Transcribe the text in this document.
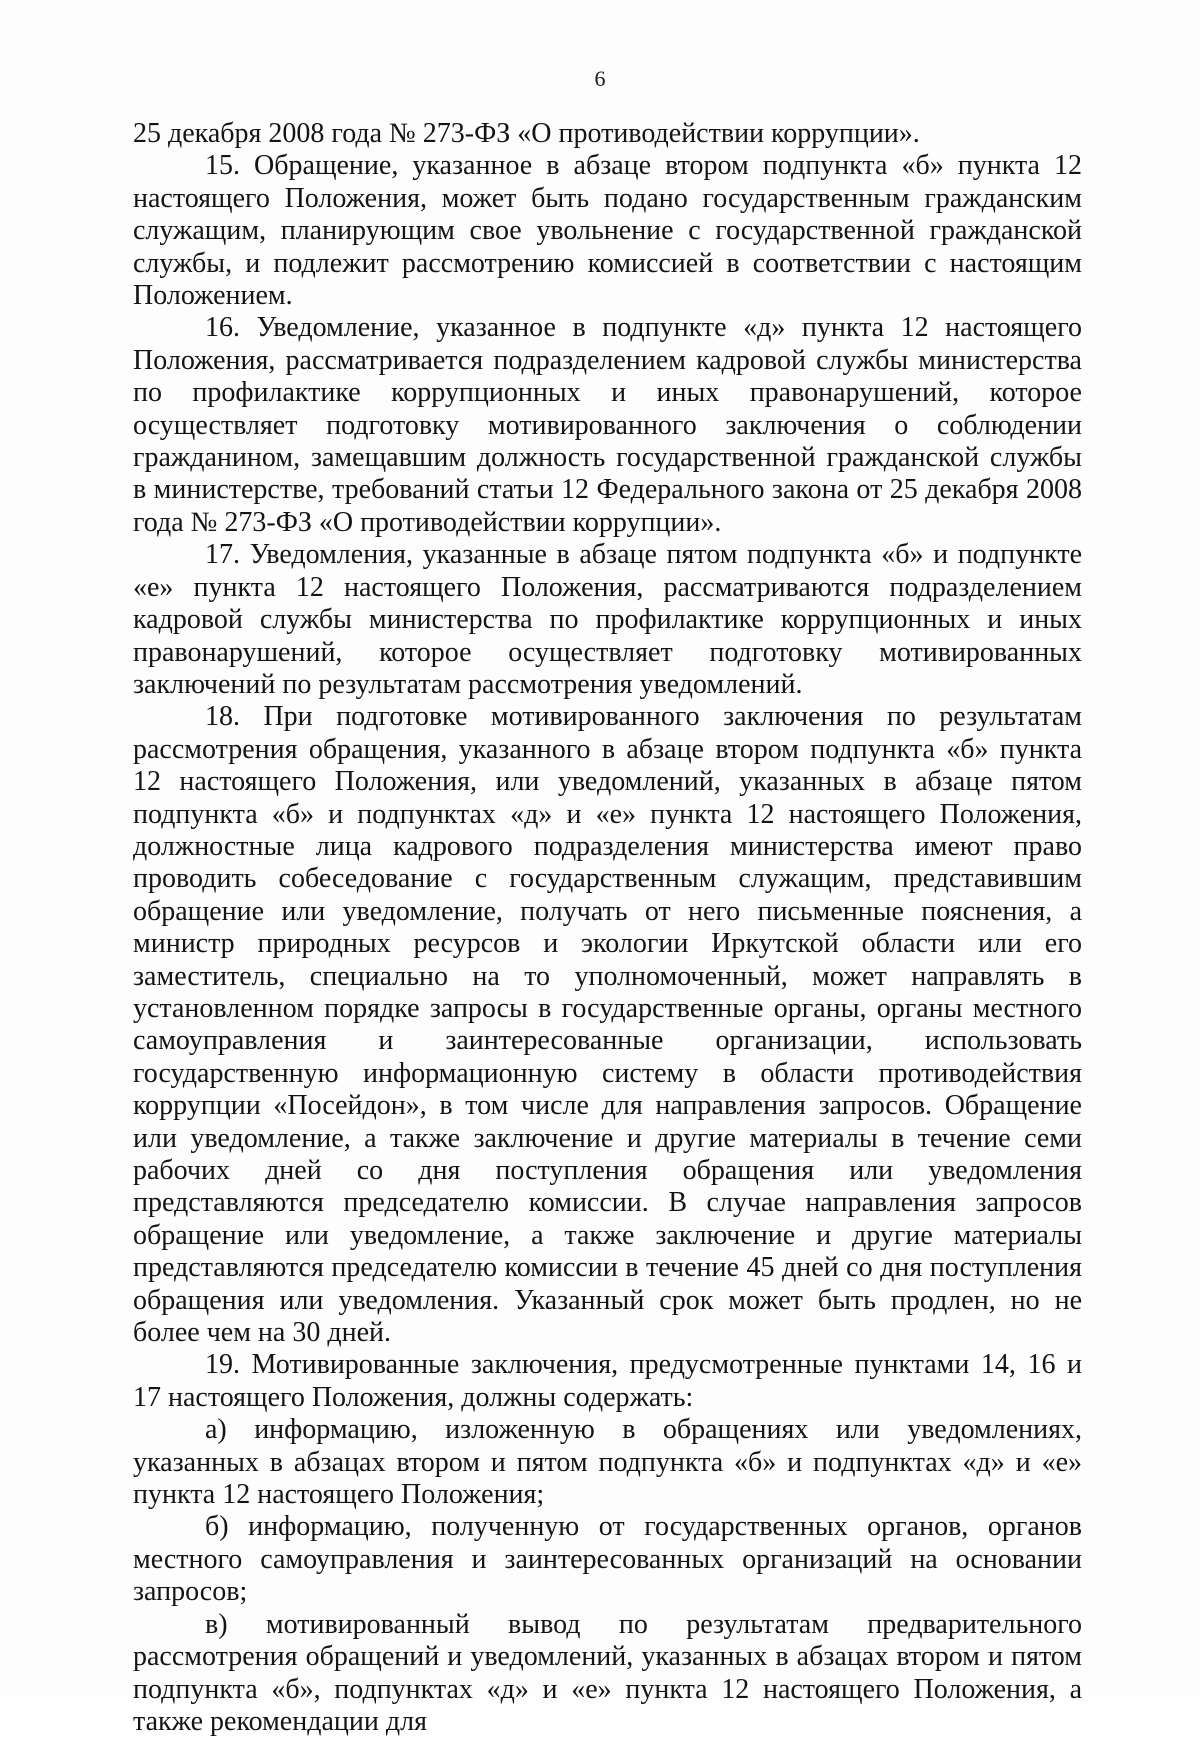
6

25 декабря 2008 года № 273-ФЗ «О противодействии коррупции».

15. Обращение, указанное в абзаце втором подпункта «б» пункта 12 настоящего Положения, может быть подано государственным гражданским служащим, планирующим свое увольнение с государственной гражданской службы, и подлежит рассмотрению комиссией в соответствии с настоящим Положением.

16. Уведомление, указанное в подпункте «д» пункта 12 настоящего Положения, рассматривается подразделением кадровой службы министерства по профилактике коррупционных и иных правонарушений, которое осуществляет подготовку мотивированного заключения о соблюдении гражданином, замещавшим должность государственной гражданской службы в министерстве, требований статьи 12 Федерального закона от 25 декабря 2008 года № 273-ФЗ «О противодействии коррупции».

17. Уведомления, указанные в абзаце пятом подпункта «б» и подпункте «е» пункта 12 настоящего Положения, рассматриваются подразделением кадровой службы министерства по профилактике коррупционных и иных правонарушений, которое осуществляет подготовку мотивированных заключений по результатам рассмотрения уведомлений.

18. При подготовке мотивированного заключения по результатам рассмотрения обращения, указанного в абзаце втором подпункта «б» пункта 12 настоящего Положения, или уведомлений, указанных в абзаце пятом подпункта «б» и подпунктах «д» и «е» пункта 12 настоящего Положения, должностные лица кадрового подразделения министерства имеют право проводить собеседование с государственным служащим, представившим обращение или уведомление, получать от него письменные пояснения, а министр природных ресурсов и экологии Иркутской области или его заместитель, специально на то уполномоченный, может направлять в установленном порядке запросы в государственные органы, органы местного самоуправления и заинтересованные организации, использовать государственную информационную систему в области противодействия коррупции «Посейдон», в том числе для направления запросов. Обращение или уведомление, а также заключение и другие материалы в течение семи рабочих дней со дня поступления обращения или уведомления представляются председателю комиссии. В случае направления запросов обращение или уведомление, а также заключение и другие материалы представляются председателю комиссии в течение 45 дней со дня поступления обращения или уведомления. Указанный срок может быть продлен, но не более чем на 30 дней.

19. Мотивированные заключения, предусмотренные пунктами 14, 16 и 17 настоящего Положения, должны содержать:

а) информацию, изложенную в обращениях или уведомлениях, указанных в абзацах втором и пятом подпункта «б» и подпунктах «д» и «е» пункта 12 настоящего Положения;

б) информацию, полученную от государственных органов, органов местного самоуправления и заинтересованных организаций на основании запросов;

в) мотивированный вывод по результатам предварительного рассмотрения обращений и уведомлений, указанных в абзацах втором и пятом подпункта «б», подпунктах «д» и «е» пункта 12 настоящего Положения, а также рекомендации для
